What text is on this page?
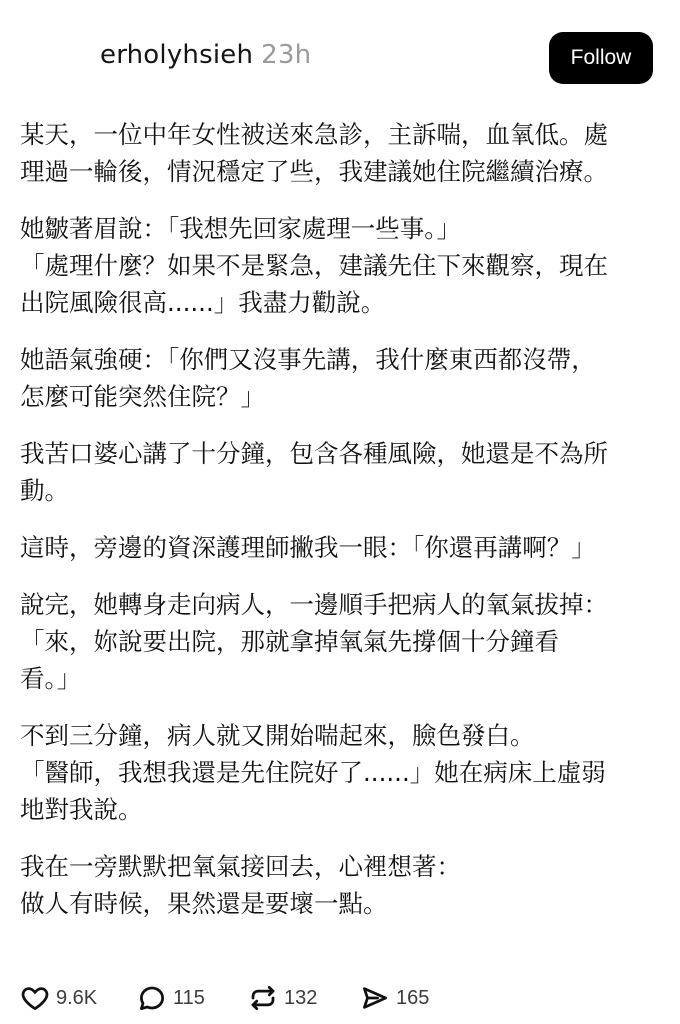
erholyhsieh 23h	Follow
某天，一位中年女性被送來急診，主訴喘，血氧低。處
理過一輪後，情況穩定了些，我建議她住院繼續治療。
她皺著眉說：「我想先回家處理一些事。」
「處理什麼？如果不是緊急，建議先住下來觀察，現在
出院風險很高......」我盡力勸說。
她語氣強硬：「你們又沒事先講，我什麼東西都沒帶，
怎麼可能突然住院？」
我苦口婆心講了十分鐘，包含各種風險，她還是不為所
動。
這時，旁邊的資深護理師撇我一眼：「你還再講啊？」
說完，她轉身走向病人，一邊順手把病人的氧氣拔掉：
「來，妳說要出院，那就拿掉氧氣先撐個十分鐘看
看。」
不到三分鐘，病人就又開始喘起來，臉色發白。
「醫師，我想我還是先住院好了......」她在病床上虛弱
地對我說。
我在一旁默默把氧氣接回去，心裡想著：
做人有時候，果然還是要壞一點。
9.6K	115	132	165
